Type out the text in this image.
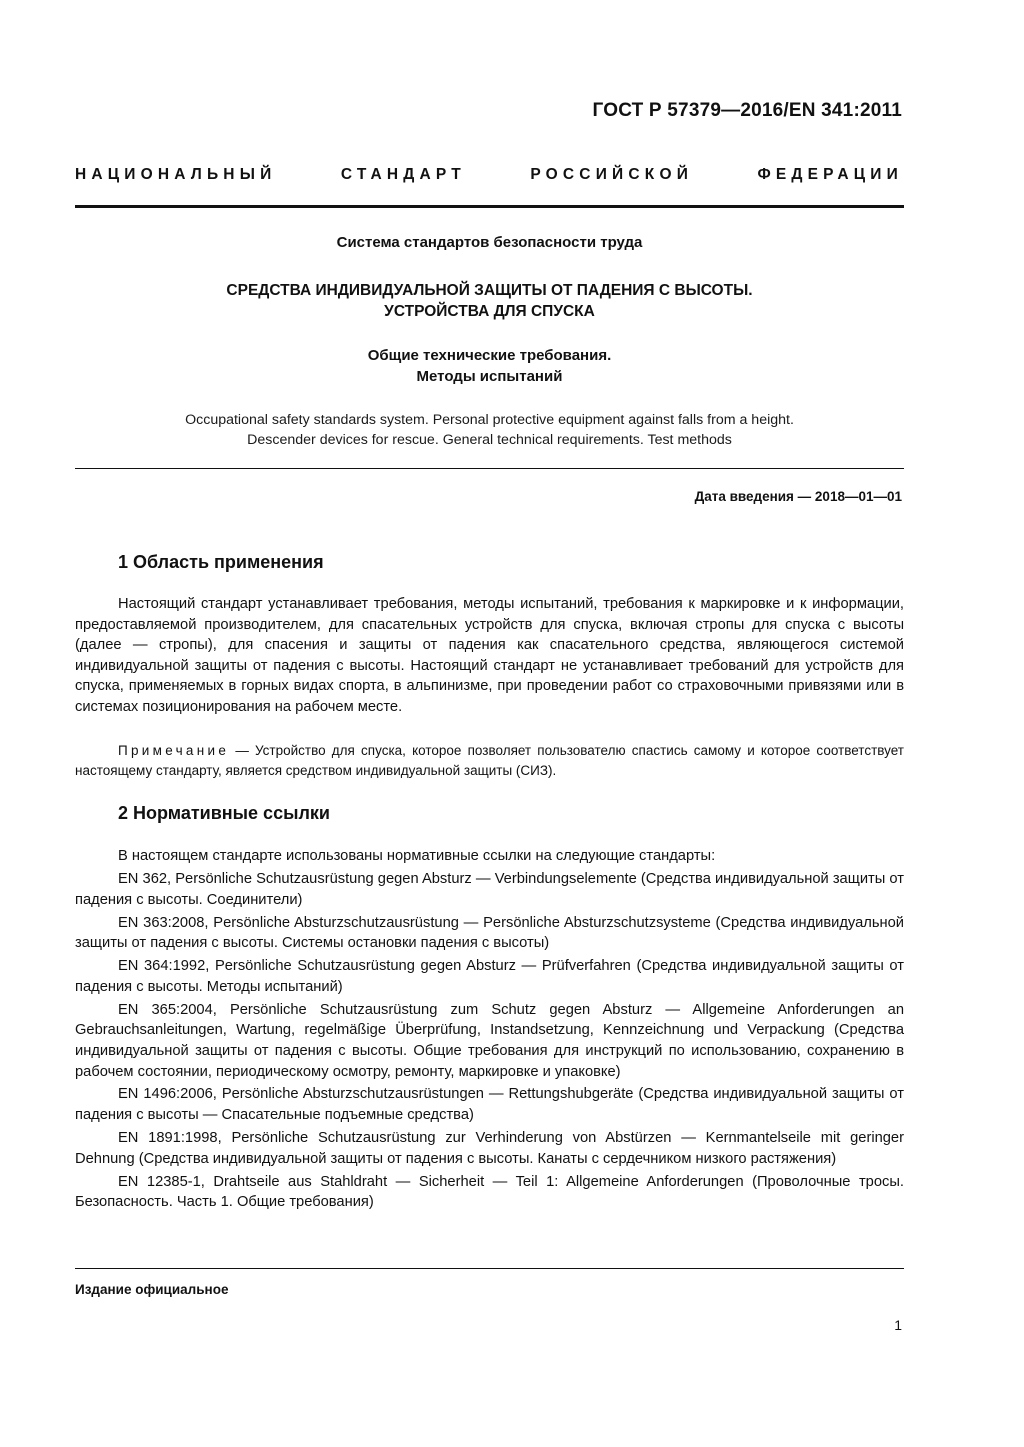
ГОСТ Р 57379—2016/EN 341:2011
НАЦИОНАЛЬНЫЙ	СТАНДАРТ	РОССИЙСКОЙ	ФЕДЕРАЦИИ
Система стандартов безопасности труда
СРЕДСТВА ИНДИВИДУАЛЬНОЙ ЗАЩИТЫ ОТ ПАДЕНИЯ С ВЫСОТЫ.
УСТРОЙСТВА ДЛЯ СПУСКА
Общие технические требования.
Методы испытаний
Occupational safety standards system. Personal protective equipment against falls from a height.
Descender devices for rescue. General technical requirements. Test methods
Дата введения — 2018—01—01
1 Область применения

Настоящий стандарт устанавливает требования, методы испытаний, требования к маркировке и к информации, предоставляемой производителем, для спасательных устройств для спуска, включая стропы для спуска с высоты (далее — стропы), для спасения и защиты от падения как спасательного средства, являющегося системой индивидуальной защиты от падения с высоты. Настоящий стандарт не устанавливает требований для устройств для спуска, применяемых в горных видах спорта, в альпинизме, при проведении работ со страховочными привязями или в системах позиционирования на рабочем месте.

Примечание — Устройство для спуска, которое позволяет пользователю спастись самому и которое соответствует настоящему стандарту, является средством индивидуальной защиты (СИЗ).

2 Нормативные ссылки

В настоящем стандарте использованы нормативные ссылки на следующие стандарты:

EN 362, Persönliche Schutzausrüstung gegen Absturz — Verbindungselemente (Средства индивидуальной защиты от падения с высоты. Соединители)

EN 363:2008, Persönliche Absturzschutzausrüstung — Persönliche Absturzschutzsysteme (Средства индивидуальной защиты от падения с высоты. Системы остановки падения с высоты)

EN 364:1992, Persönliche Schutzausrüstung gegen Absturz — Prüfverfahren (Средства индивидуальной защиты от падения с высоты. Методы испытаний)

EN 365:2004, Persönliche Schutzausrüstung zum Schutz gegen Absturz — Allgemeine Anforderungen an Gebrauchsanleitungen, Wartung, regelmäßige Überprüfung, Instandsetzung, Kennzeichnung und Verpackung (Средства индивидуальной защиты от падения с высоты. Общие требования для инструкций по использованию, сохранению в рабочем состоянии, периодическому осмотру, ремонту, маркировке и упаковке)

EN 1496:2006, Persönliche Absturzschutzausrüstungen — Rettungshubgeräte (Средства индивидуальной защиты от падения с высоты — Спасательные подъемные средства)

EN 1891:1998, Persönliche Schutzausrüstung zur Verhinderung von Abstürzen — Kernmantelseile mit geringer Dehnung (Средства индивидуальной защиты от падения с высоты. Канаты с сердечником низкого растяжения)

EN 12385-1, Drahtseile aus Stahldraht — Sicherheit — Teil 1: Allgemeine Anforderungen (Проволочные тросы. Безопасность. Часть 1. Общие требования)

Издание официальное
1
